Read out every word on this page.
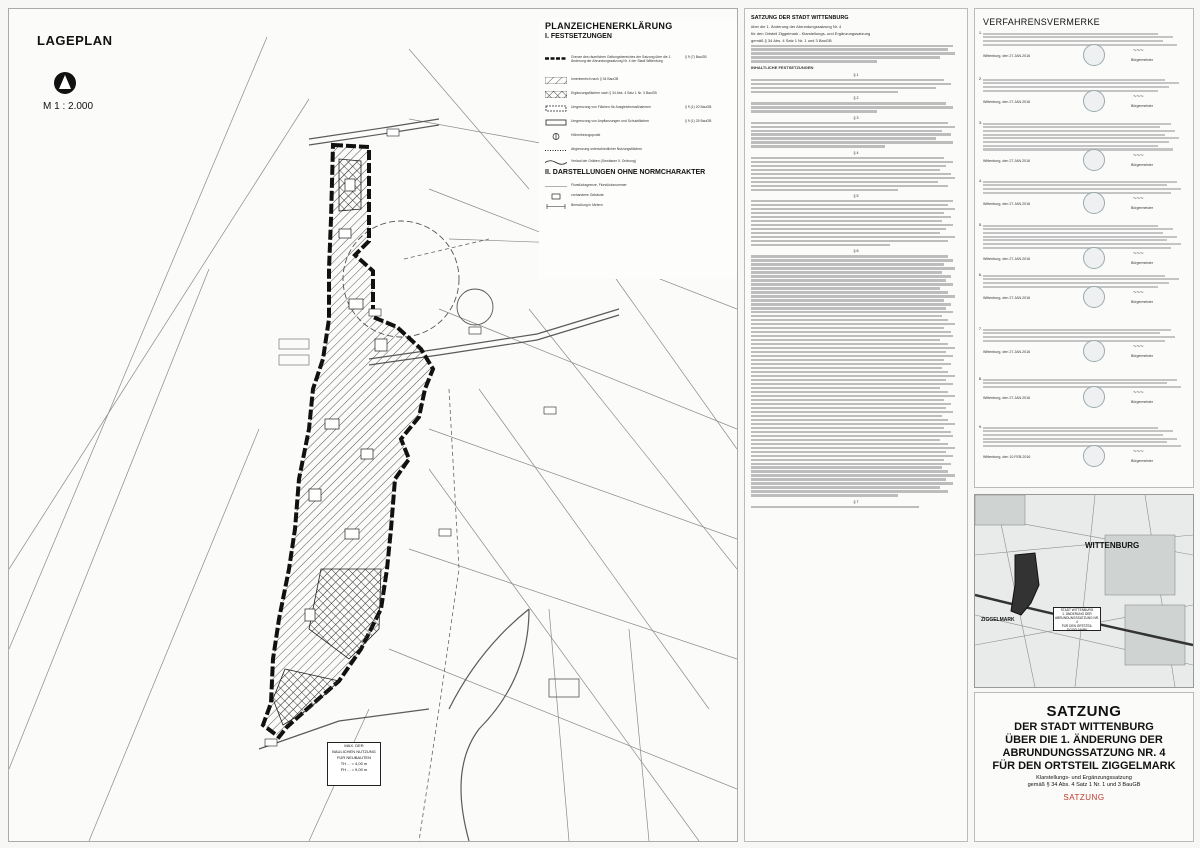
LAGEPLAN
M 1 : 2.000
PLANZEICHENERKLÄRUNG
I. FESTSETZUNGEN
Grenze des räumlichen Geltungsbereiches der Satzung über die 1. Änderung der Abrundungssatzung Nr. 4 der Stadt Wittenburg
§ 9 (7) BauGB
Innenbereich nach § 34 BauGB
Ergänzungsflächen nach § 34 Abs. 4 Satz 1 Nr. 3 BauGB
Umgrenzung von Flächen für Ausgleichsmaßnahmen	§ 9 (1) 20 BauGB
Umgrenzung von Anpflanzungen und Schutzflächen	§ 9 (1) 25 BauGB
Höhenbezugspunkt
Abgrenzung unterschiedlicher Nutzungsflächen
Verlauf der Gräben (Gewässer II. Ordnung)
II. DARSTELLUNGEN OHNE NORMCHARAKTER
Flurstücksgrenze, Flurstücksnummer
vorhandene Gebäude
Bemaßung in Metern
MAX. DER
BAULICHEN NUTZUNG
FÜR NEUBAUTEN
TH ... = 4,00 m
FH ... = 9,00 m
SATZUNG DER STADT WITTENBURG
über die 1. Änderung der Abrundungssatzung Nr. 4
für den Ortsteil Ziggelmark - Klarstellungs- und Ergänzungssatzung
gemäß § 34 Abs. 4 Satz 1 Nr. 1 und 3 BauGB
INHALTLICHE FESTSETZUNGEN
§ 1
§ 2
§ 3
§ 4
§ 5
§ 6
§ 7
VERFAHRENSVERMERKE
1.
Wittenburg, den 27.JAN.2016
~~~
Bürgermeister
2.
Wittenburg, den 27.JAN.2016
~~~
Bürgermeister
3.
Wittenburg, den 27.JAN.2016
~~~
Bürgermeister
4.
Wittenburg, den 27.JAN.2016
~~~
Bürgermeister
5.
Wittenburg, den 27.JAN.2016
~~~
Bürgermeister
6.
Wittenburg, den 27.JAN.2016
~~~
Bürgermeister
7.
Wittenburg, den 27.JAN.2016
~~~
Bürgermeister
8.
Wittenburg, den 27.JAN.2016
~~~
Bürgermeister
9.
Wittenburg, den 10.FEB.2016
~~~
Bürgermeister
WITTENBURG
ZIGGELMARK
STADT WITTENBURG
1. ÄNDERUNG DER
ABRUNDUNGSSATZUNG NR. 4
FÜR DEN ORTSTEIL ZIGGELMARK
SATZUNG
DER STADT WITTENBURG
ÜBER DIE 1. ÄNDERUNG DER
ABRUNDUNGSSATZUNG NR. 4
FÜR DEN ORTSTEIL ZIGGELMARK
Klarstellungs- und Ergänzungssatzung
gemäß § 34 Abs. 4 Satz 1 Nr. 1 und 3 BauGB
SATZUNG
